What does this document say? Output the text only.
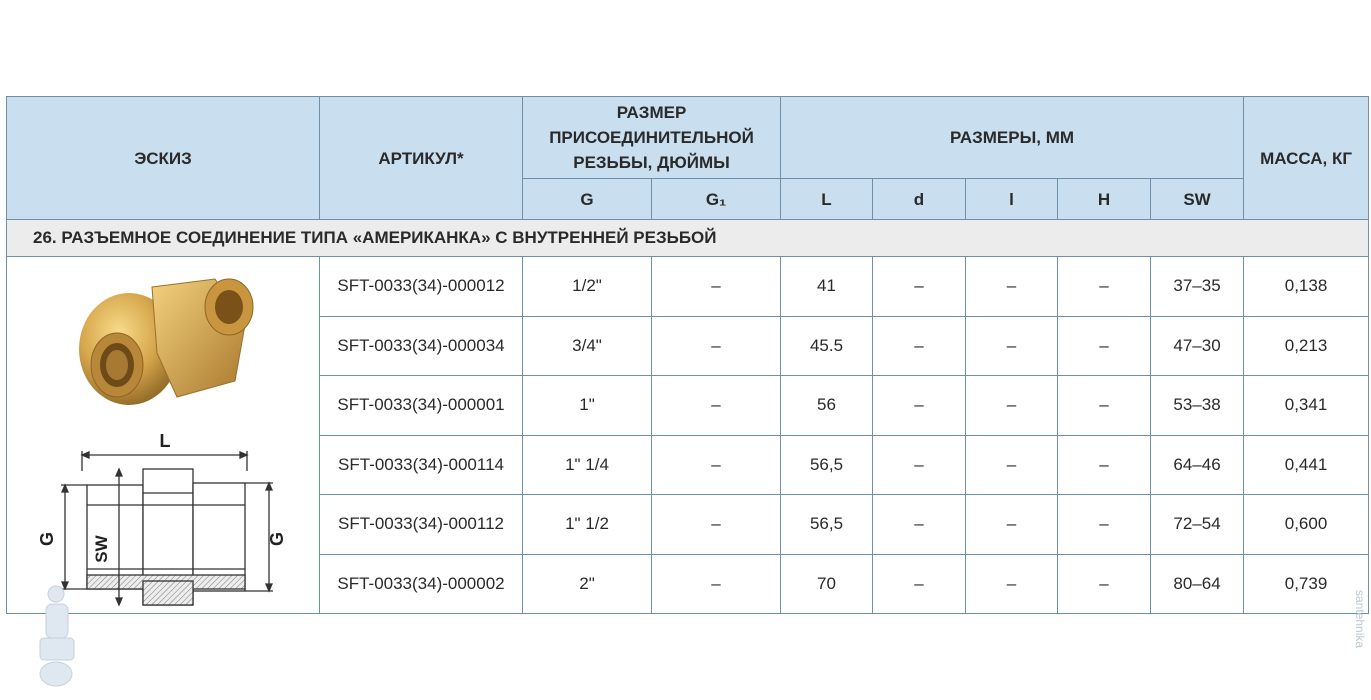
ЭСКИЗ	АРТИКУЛ*	РАЗМЕР ПРИСОЕДИНИТЕЛЬНОЙ РЕЗЬБЫ, ДЮЙМЫ		РАЗМЕРЫ, ММ					МАССА, КГ
		G	G₁	L	d	l	H	SW	
26. РАЗЪЕМНОЕ СОЕДИНЕНИЕ ТИПА «АМЕРИКАНКА» С ВНУТРЕННЕЙ РЕЗЬБОЙ									

L
G G
SW	SFT-0033(34)-000012	1/2"	–	41	–	–	–	37–35	0,138
	SFT-0033(34)-000034	3/4"	–	45.5	–	–	–	47–30	0,213
	SFT-0033(34)-000001	1"	–	56	–	–	–	53–38	0,341
	SFT-0033(34)-000114	1" 1/4	–	56,5	–	–	–	64–46	0,441
	SFT-0033(34)-000112	1" 1/2	–	56,5	–	–	–	72–54	0,600
	SFT-0033(34)-000002	2"	–	70	–	–	–	80–64	0,739
santehnika
